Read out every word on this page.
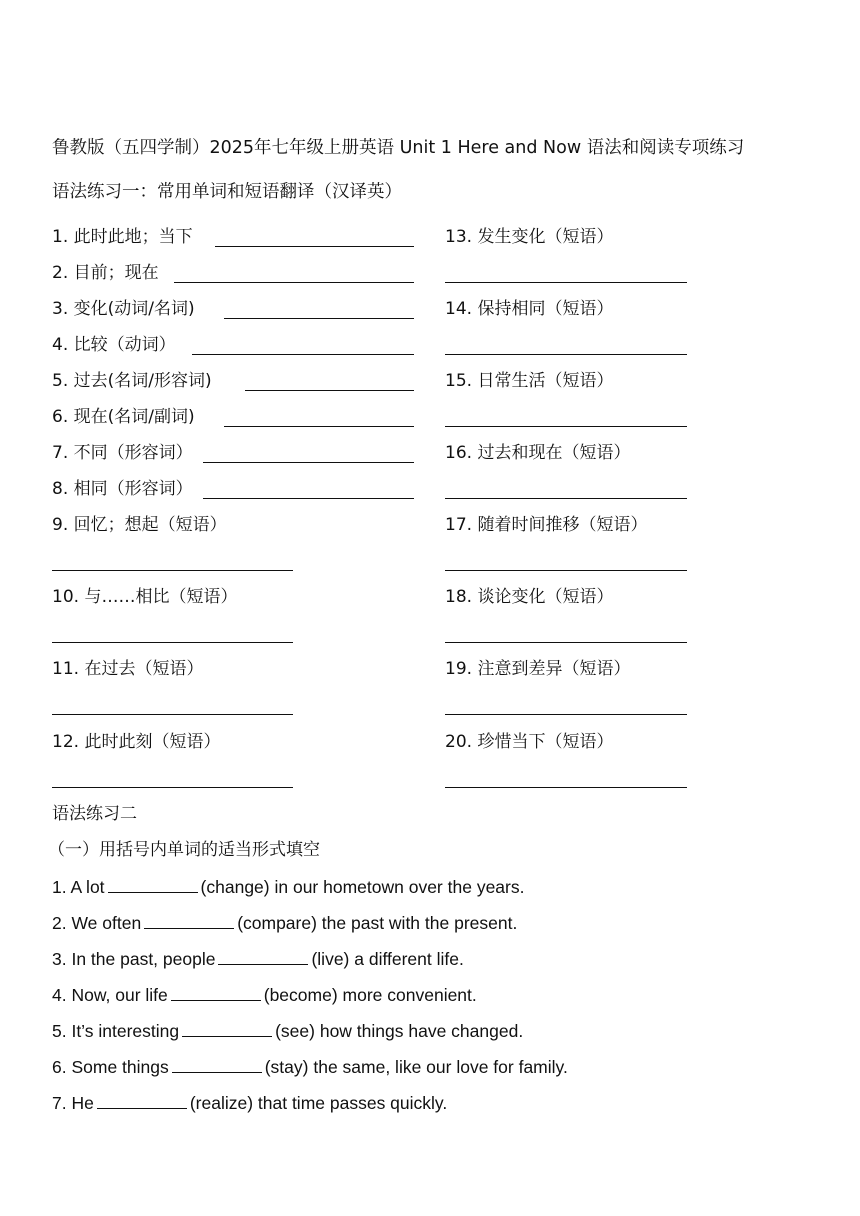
鲁教版（五四学制）2025年七年级上册英语 Unit 1 Here and Now 语法和阅读专项练习
语法练习一：常用单词和短语翻译（汉译英）
1. 此时此地；当下
2. 目前；现在
3. 变化(动词/名词)
4. 比较（动词）
5. 过去(名词/形容词)
6. 现在(名词/副词)
7. 不同（形容词）
8. 相同（形容词）
9. 回忆；想起（短语）
10. 与……相比（短语）
11. 在过去（短语）
12. 此时此刻（短语）
13. 发生变化（短语）
14. 保持相同（短语）
15. 日常生活（短语）
16. 过去和现在（短语）
17. 随着时间推移（短语）
18. 谈论变化（短语）
19. 注意到差异（短语）
20. 珍惜当下（短语）
语法练习二
（一）用括号内单词的适当形式填空
1. A lot	(change) in our hometown over the years.
2. We often	(compare) the past with the present.
3. In the past, people	(live) a different life.
4. Now, our life	(become) more convenient.
5. It’s interesting	(see) how things have changed.
6. Some things	(stay) the same, like our love for family.
7. He	(realize) that time passes quickly.
